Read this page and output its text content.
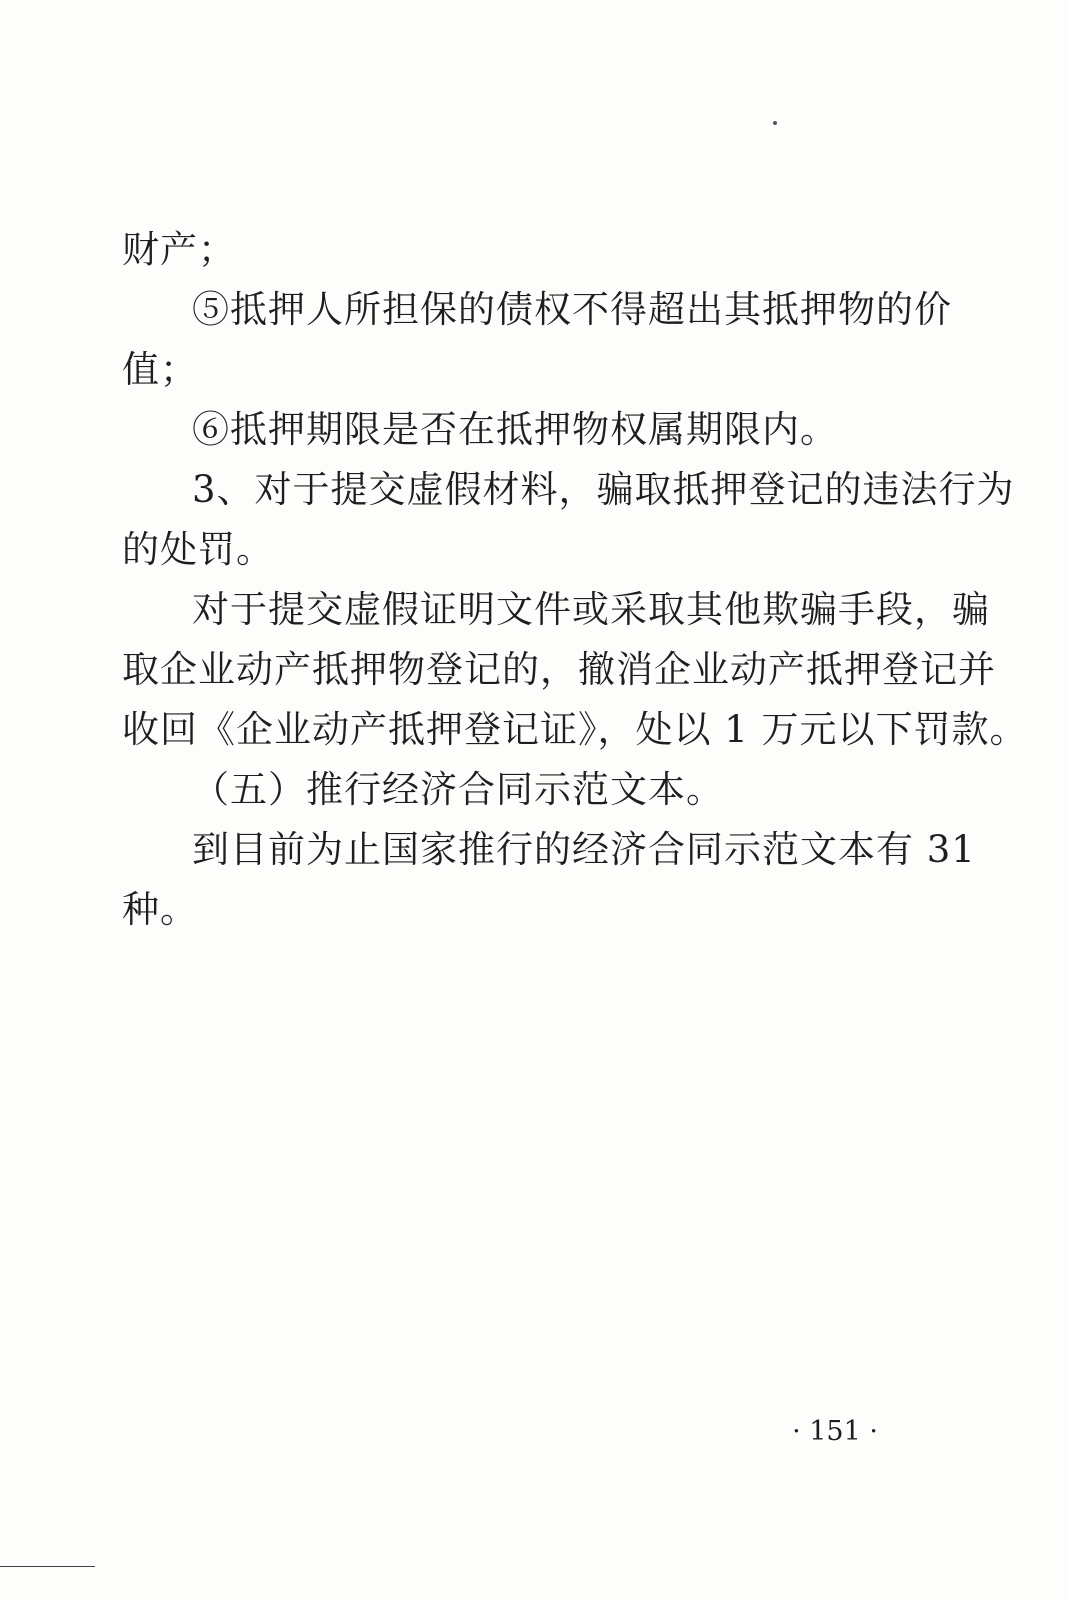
财产；
⑤抵押人所担保的债权不得超出其抵押物的价
值；
⑥抵押期限是否在抵押物权属期限内。
3、对于提交虚假材料，骗取抵押登记的违法行为
的处罚。
对于提交虚假证明文件或采取其他欺骗手段，骗
取企业动产抵押物登记的，撤消企业动产抵押登记并
收回《企业动产抵押登记证》，处以 1 万元以下罚款。
（五）推行经济合同示范文本。
到目前为止国家推行的经济合同示范文本有 31
种。
· 151 ·
